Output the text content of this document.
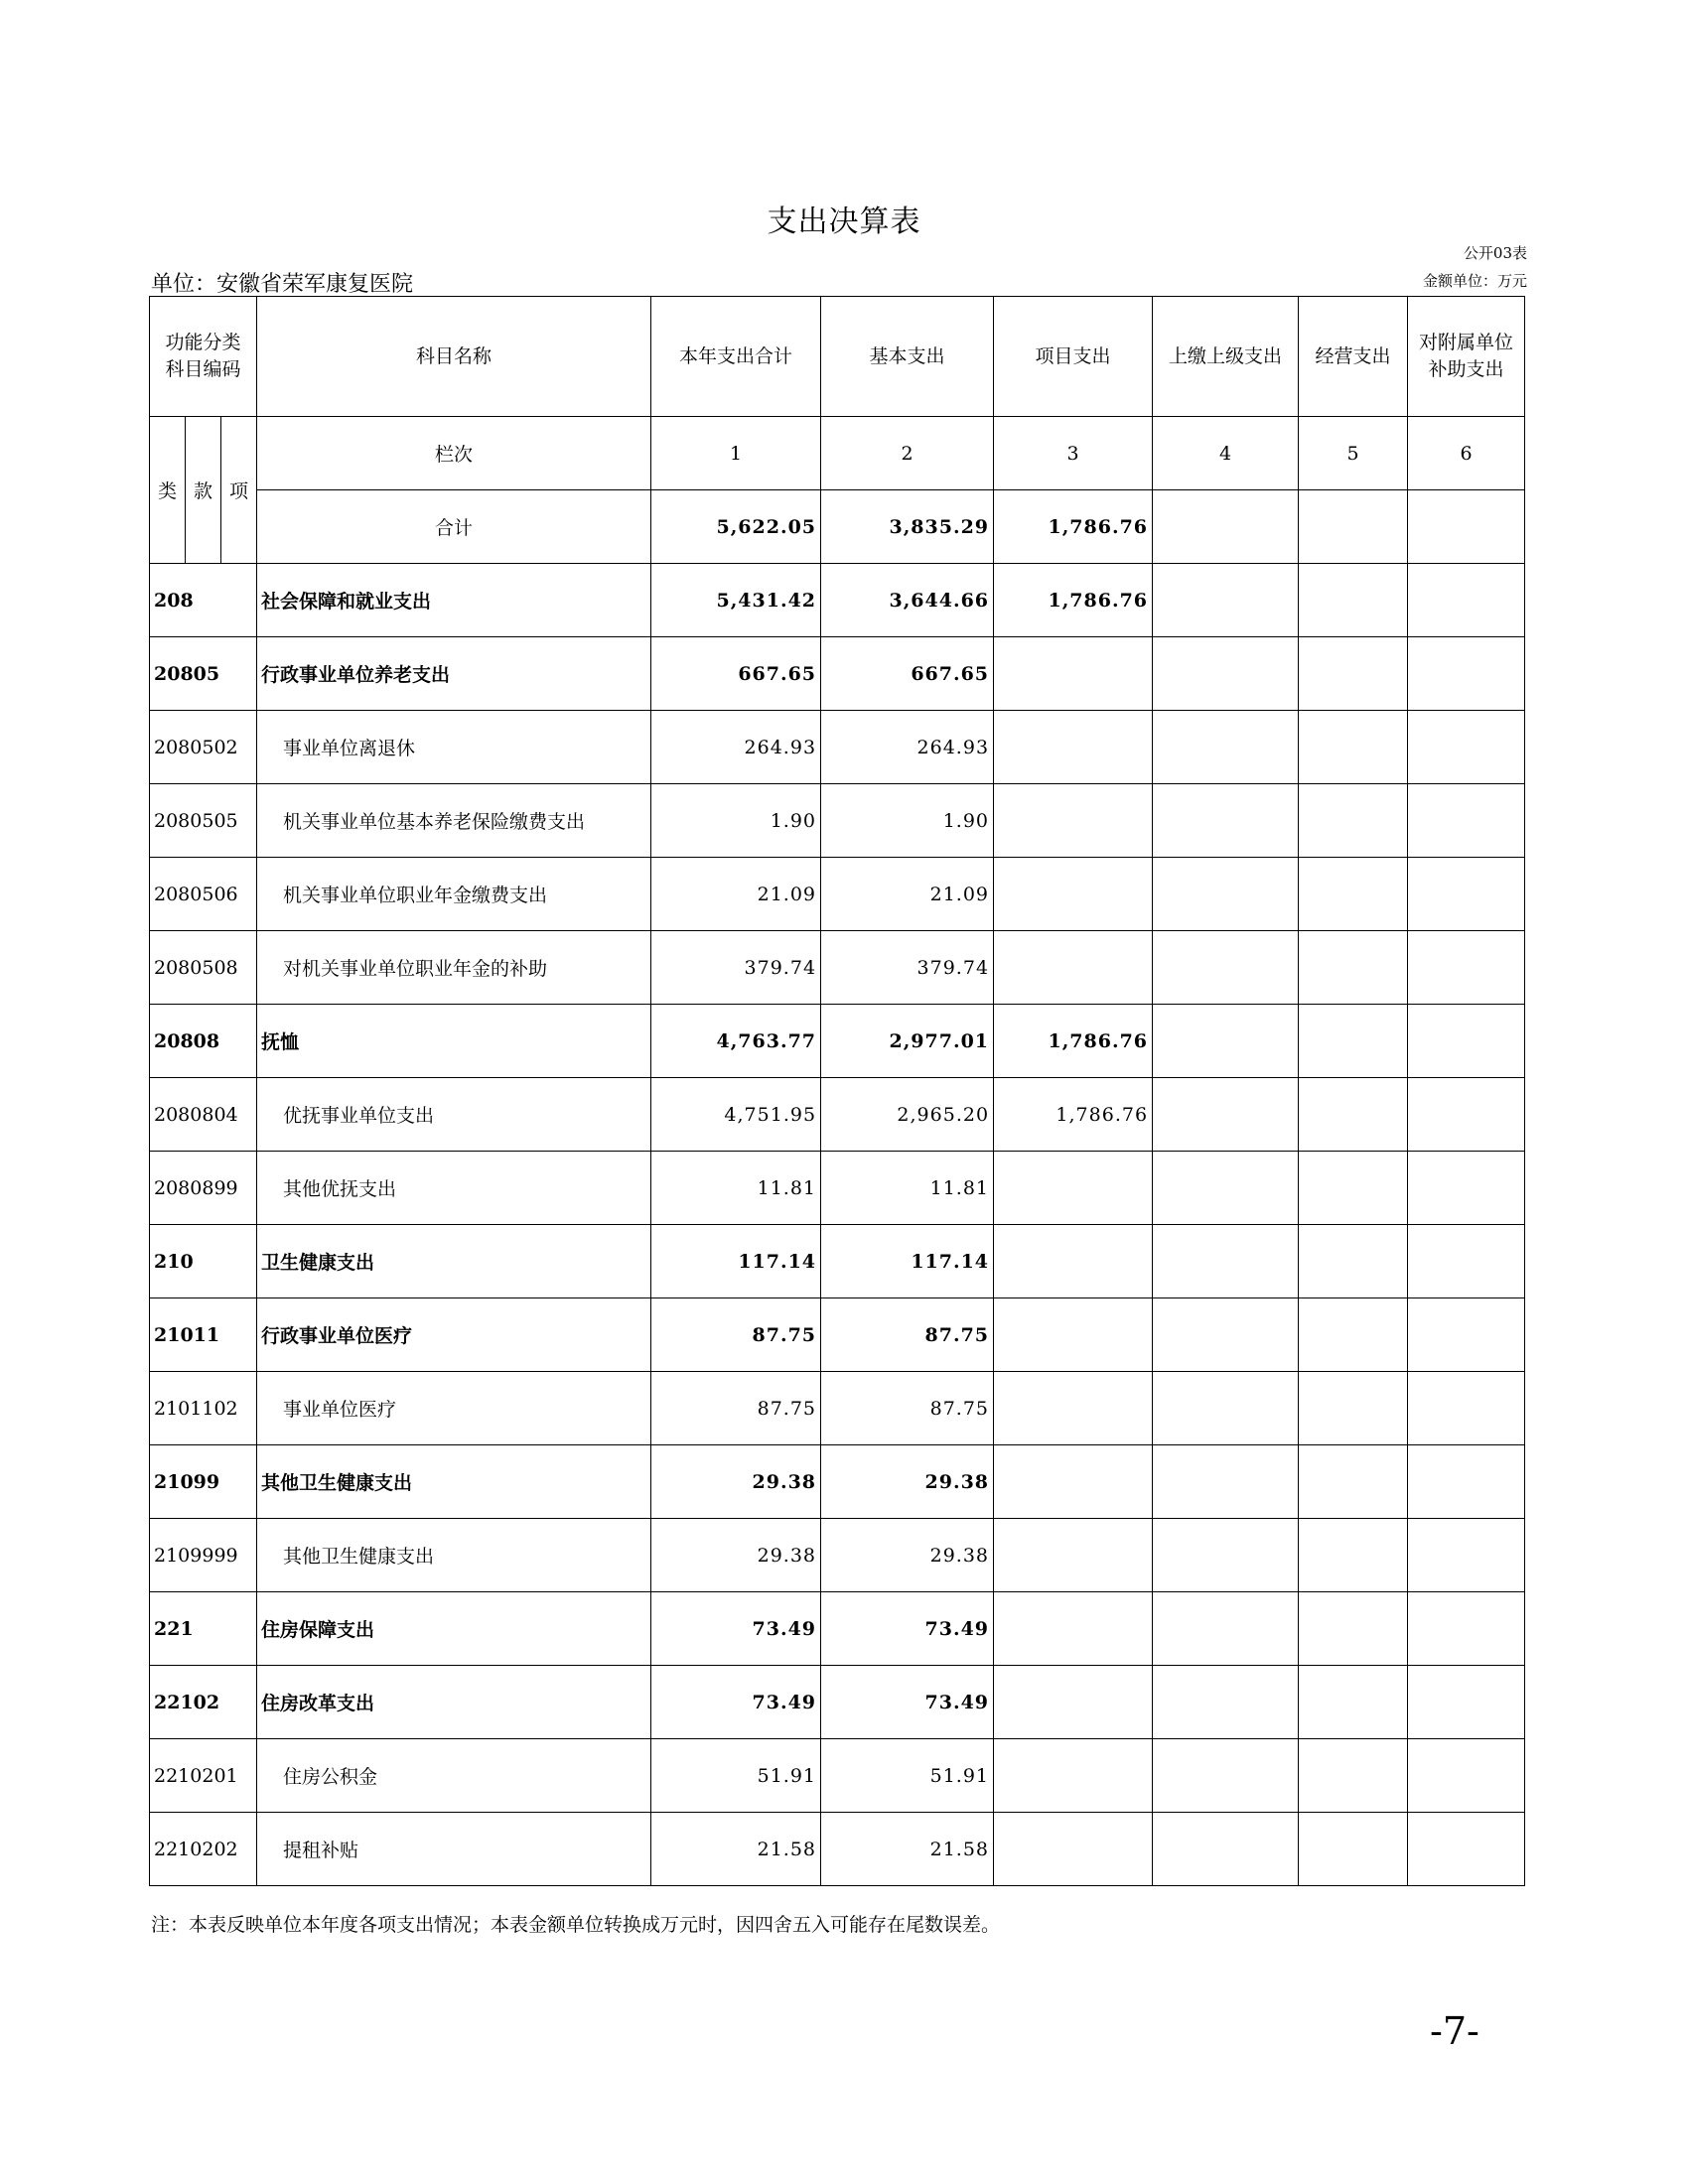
支出决算表
公开03表
单位：安徽省荣军康复医院	金额单位：万元
功能分类科目编码			科目名称	本年支出合计	基本支出	项目支出	上缴上级支出	经营支出	对附属单位补助支出
类	款	项	栏次	1	2	3	4	5	6
			合计	5,622.05	3,835.29	1,786.76			
208			社会保障和就业支出	5,431.42	3,644.66	1,786.76			
20805			行政事业单位养老支出	667.65	667.65				
2080502			事业单位离退休	264.93	264.93				
2080505			机关事业单位基本养老保险缴费支出	1.90	1.90				
2080506			机关事业单位职业年金缴费支出	21.09	21.09				
2080508			对机关事业单位职业年金的补助	379.74	379.74				
20808			抚恤	4,763.77	2,977.01	1,786.76			
2080804			优抚事业单位支出	4,751.95	2,965.20	1,786.76			
2080899			其他优抚支出	11.81	11.81				
210			卫生健康支出	117.14	117.14				
21011			行政事业单位医疗	87.75	87.75				
2101102			事业单位医疗	87.75	87.75				
21099			其他卫生健康支出	29.38	29.38				
2109999			其他卫生健康支出	29.38	29.38				
221			住房保障支出	73.49	73.49				
22102			住房改革支出	73.49	73.49				
2210201			住房公积金	51.91	51.91				
2210202			提租补贴	21.58	21.58				
注：本表反映单位本年度各项支出情况；本表金额单位转换成万元时，因四舍五入可能存在尾数误差。
-7-
